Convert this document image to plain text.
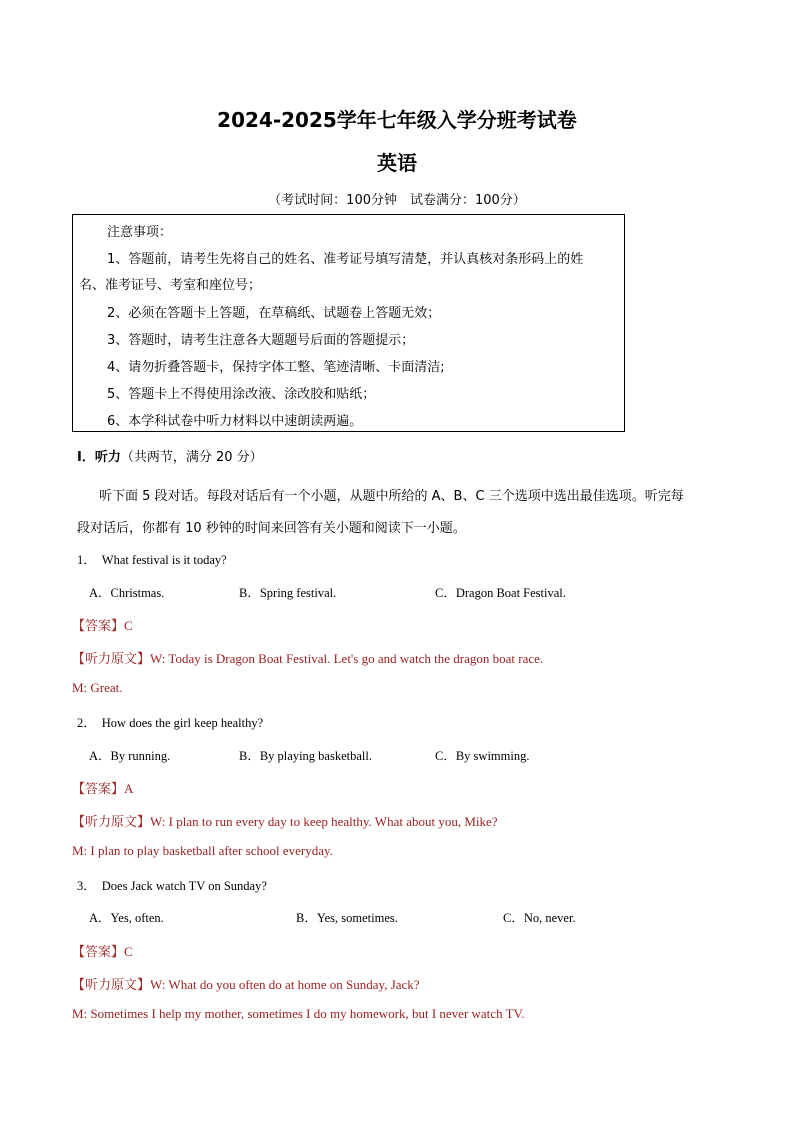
2024-2025学年七年级入学分班考试卷
英语
（考试时间：100分钟　试卷满分：100分）
注意事项：
1、答题前，请考生先将自己的姓名、准考证号填写清楚，并认真核对条形码上的姓
名、准考证号、考室和座位号；
2、必须在答题卡上答题，在草稿纸、试题卷上答题无效；
3、答题时，请考生注意各大题题号后面的答题提示；
4、请勿折叠答题卡，保持字体工整、笔迹清晰、卡面清洁;
5、答题卡上不得使用涂改液、涂改胶和贴纸；
6、本学科试卷中听力材料以中速朗读两遍。
I．听力（共两节，满分 20 分）
听下面 5 段对话。每段对话后有一个小题，从题中所给的 A、B、C 三个选项中选出最佳选项。听完每
段对话后，你都有 10 秒钟的时间来回答有关小题和阅读下一小题。
1． What festival is it today?
A．Christmas.	B．Spring festival.	C．Dragon Boat Festival.
【答案】C
【听力原文】W: Today is Dragon Boat Festival. Let's go and watch the dragon boat race.
M: Great.
2． How does the girl keep healthy?
A．By running.	B．By playing basketball.	C．By swimming.
【答案】A
【听力原文】W: I plan to run every day to keep healthy. What about you, Mike?
M: I plan to play basketball after school everyday.
3． Does Jack watch TV on Sunday?
A．Yes, often.	B．Yes, sometimes.	C．No, never.
【答案】C
【听力原文】W: What do you often do at home on Sunday, Jack?
M: Sometimes I help my mother, sometimes I do my homework, but I never watch TV.
